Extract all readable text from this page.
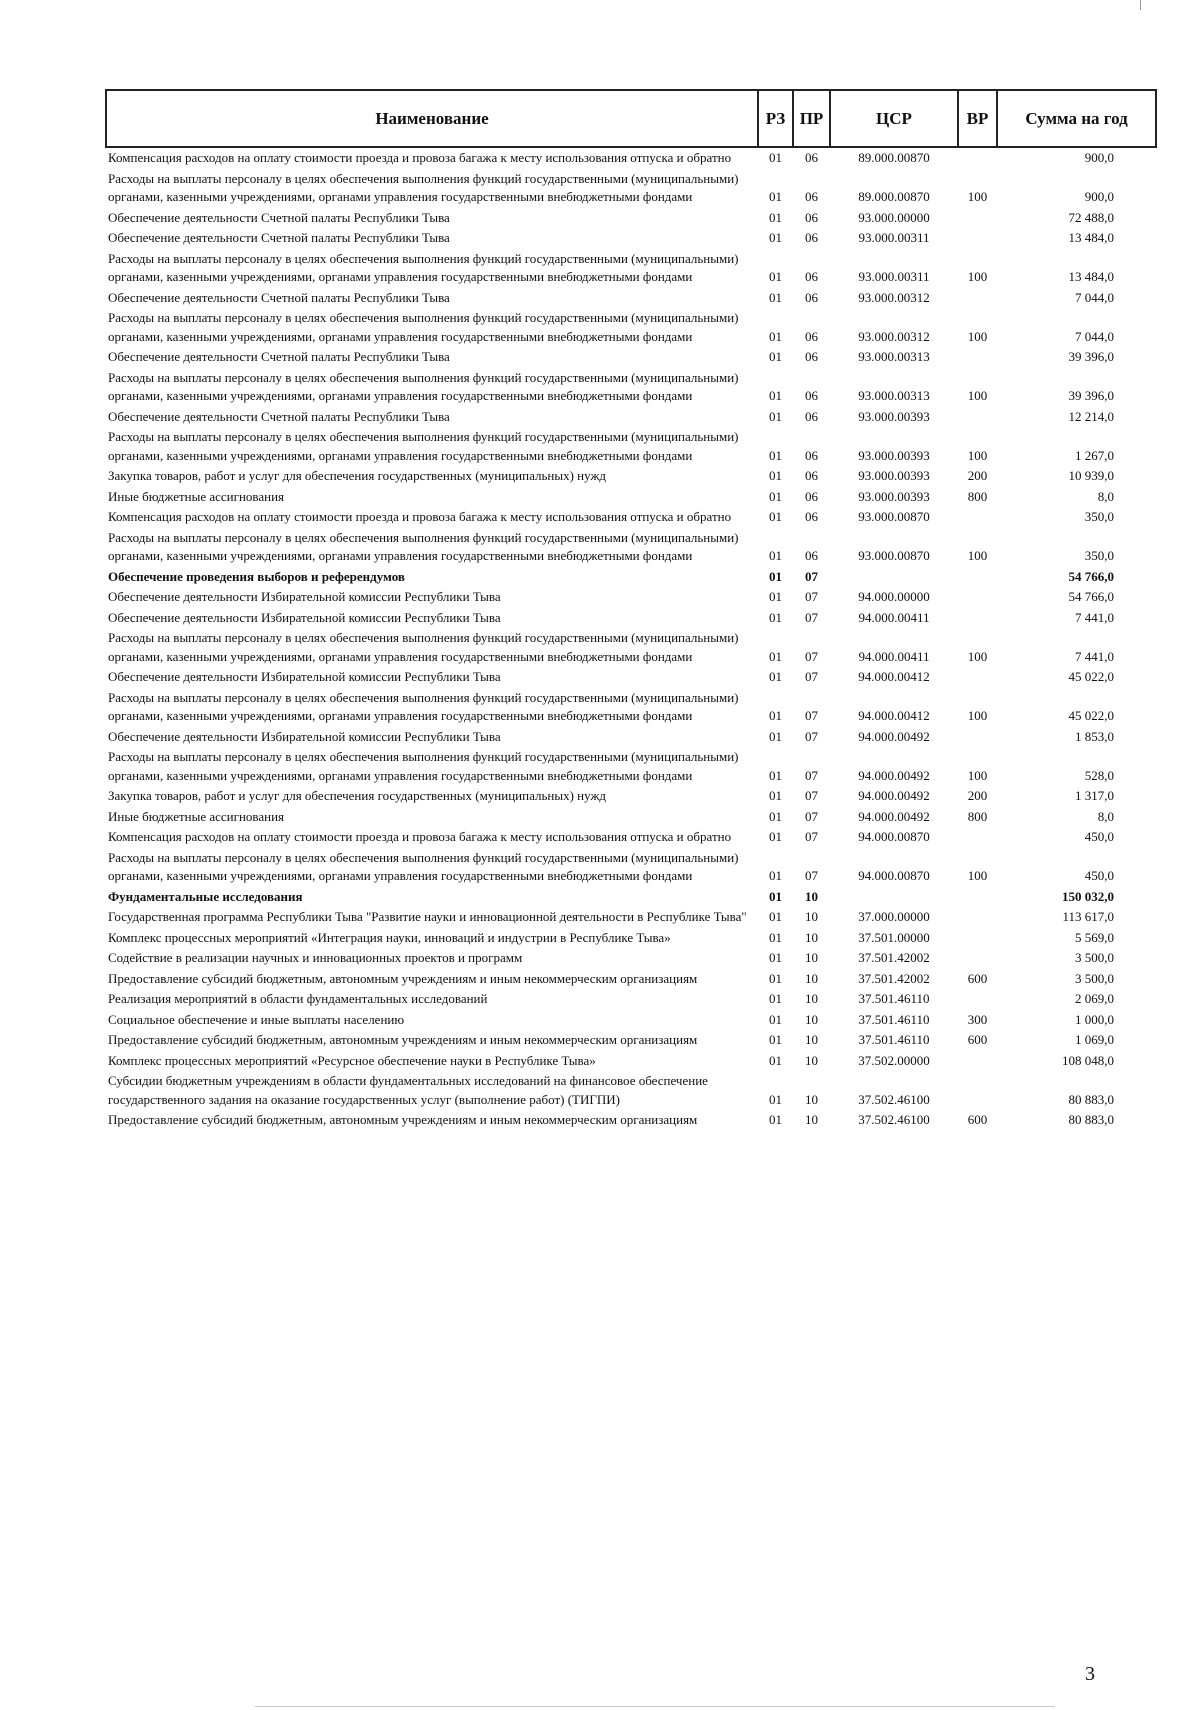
Наименование	РЗ	ПР	ЦСР	ВР	Сумма на год
Компенсация расходов на оплату стоимости проезда и провоза багажа к месту использования отпуска и обратно	01	06	89.000.00870		900,0
Расходы на выплаты персоналу в целях обеспечения выполнения функций государственными (муниципальными) органами, казенными учреждениями, органами управления государственными внебюджетными фондами	01	06	89.000.00870	100	900,0
Обеспечение деятельности Счетной палаты Республики Тыва	01	06	93.000.00000		72 488,0
Обеспечение деятельности Счетной палаты Республики Тыва	01	06	93.000.00311		13 484,0
Расходы на выплаты персоналу в целях обеспечения выполнения функций государственными (муниципальными) органами, казенными учреждениями, органами управления государственными внебюджетными фондами	01	06	93.000.00311	100	13 484,0
Обеспечение деятельности Счетной палаты Республики Тыва	01	06	93.000.00312		7 044,0
Расходы на выплаты персоналу в целях обеспечения выполнения функций государственными (муниципальными) органами, казенными учреждениями, органами управления государственными внебюджетными фондами	01	06	93.000.00312	100	7 044,0
Обеспечение деятельности Счетной палаты Республики Тыва	01	06	93.000.00313		39 396,0
Расходы на выплаты персоналу в целях обеспечения выполнения функций государственными (муниципальными) органами, казенными учреждениями, органами управления государственными внебюджетными фондами	01	06	93.000.00313	100	39 396,0
Обеспечение деятельности Счетной палаты Республики Тыва	01	06	93.000.00393		12 214,0
Расходы на выплаты персоналу в целях обеспечения выполнения функций государственными (муниципальными) органами, казенными учреждениями, органами управления государственными внебюджетными фондами	01	06	93.000.00393	100	1 267,0
Закупка товаров, работ и услуг для обеспечения государственных (муниципальных) нужд	01	06	93.000.00393	200	10 939,0
Иные бюджетные ассигнования	01	06	93.000.00393	800	8,0
Компенсация расходов на оплату стоимости проезда и провоза багажа к месту использования отпуска и обратно	01	06	93.000.00870		350,0
Расходы на выплаты персоналу в целях обеспечения выполнения функций государственными (муниципальными) органами, казенными учреждениями, органами управления государственными внебюджетными фондами	01	06	93.000.00870	100	350,0
Обеспечение проведения выборов и референдумов	01	07			54 766,0
Обеспечение деятельности Избирательной комиссии Республики Тыва	01	07	94.000.00000		54 766,0
Обеспечение деятельности Избирательной комиссии Республики Тыва	01	07	94.000.00411		7 441,0
Расходы на выплаты персоналу в целях обеспечения выполнения функций государственными (муниципальными) органами, казенными учреждениями, органами управления государственными внебюджетными фондами	01	07	94.000.00411	100	7 441,0
Обеспечение деятельности Избирательной комиссии Республики Тыва	01	07	94.000.00412		45 022,0
Расходы на выплаты персоналу в целях обеспечения выполнения функций государственными (муниципальными) органами, казенными учреждениями, органами управления государственными внебюджетными фондами	01	07	94.000.00412	100	45 022,0
Обеспечение деятельности Избирательной комиссии Республики Тыва	01	07	94.000.00492		1 853,0
Расходы на выплаты персоналу в целях обеспечения выполнения функций государственными (муниципальными) органами, казенными учреждениями, органами управления государственными внебюджетными фондами	01	07	94.000.00492	100	528,0
Закупка товаров, работ и услуг для обеспечения государственных (муниципальных) нужд	01	07	94.000.00492	200	1 317,0
Иные бюджетные ассигнования	01	07	94.000.00492	800	8,0
Компенсация расходов на оплату стоимости проезда и провоза багажа к месту использования отпуска и обратно	01	07	94.000.00870		450,0
Расходы на выплаты персоналу в целях обеспечения выполнения функций государственными (муниципальными) органами, казенными учреждениями, органами управления государственными внебюджетными фондами	01	07	94.000.00870	100	450,0
Фундаментальные исследования	01	10			150 032,0
Государственная программа Республики Тыва "Развитие науки и инновационной деятельности в Республике Тыва"	01	10	37.000.00000		113 617,0
Комплекс процессных мероприятий «Интеграция науки, инноваций и индустрии в Республике Тыва»	01	10	37.501.00000		5 569,0
Содействие в реализации научных и инновационных проектов и программ	01	10	37.501.42002		3 500,0
Предоставление субсидий бюджетным, автономным учреждениям и иным некоммерческим организациям	01	10	37.501.42002	600	3 500,0
Реализация мероприятий в области фундаментальных исследований	01	10	37.501.46110		2 069,0
Социальное обеспечение и иные выплаты населению	01	10	37.501.46110	300	1 000,0
Предоставление субсидий бюджетным, автономным учреждениям и иным некоммерческим организациям	01	10	37.501.46110	600	1 069,0
Комплекс процессных мероприятий «Ресурсное обеспечение науки в Республике Тыва»	01	10	37.502.00000		108 048,0
Субсидии бюджетным учреждениям в области фундаментальных исследований на финансовое обеспечение государственного задания на оказание государственных услуг (выполнение работ) (ТИГПИ)	01	10	37.502.46100		80 883,0
Предоставление субсидий бюджетным, автономным учреждениям и иным некоммерческим организациям	01	10	37.502.46100	600	80 883,0
3
